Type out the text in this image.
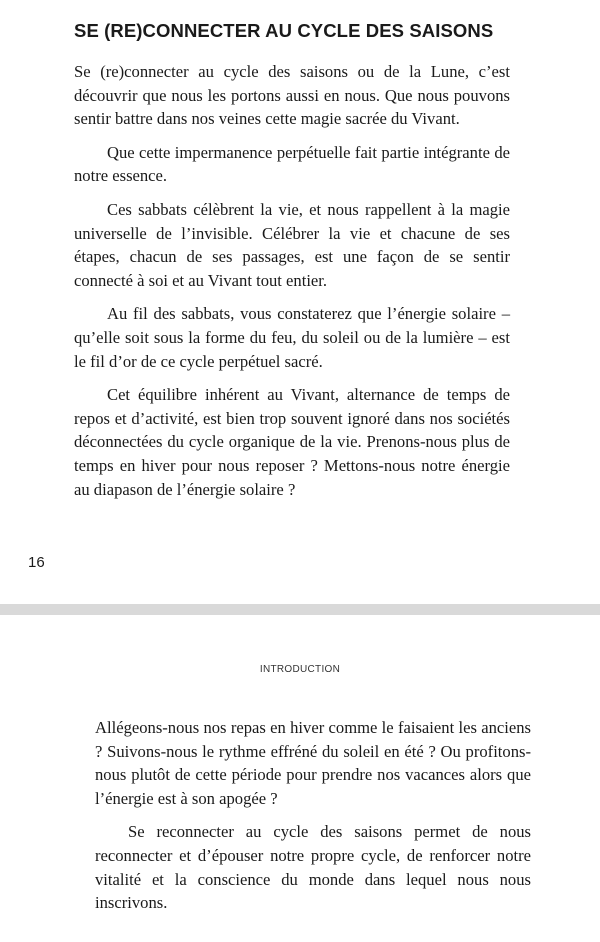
SE (RE)CONNECTER AU CYCLE DES SAISONS

Se (re)connecter au cycle des saisons ou de la Lune, c’est découvrir que nous les portons aussi en nous. Que nous pouvons sentir battre dans nos veines cette magie sacrée du Vivant.

Que cette impermanence perpétuelle fait partie intégrante de notre essence.

Ces sabbats célèbrent la vie, et nous rappellent à la magie universelle de l’invisible. Célébrer la vie et chacune de ses étapes, chacun de ses passages, est une façon de se sentir connecté à soi et au Vivant tout entier.

Au fil des sabbats, vous constaterez que l’énergie solaire – qu’elle soit sous la forme du feu, du soleil ou de la lumière – est le fil d’or de ce cycle perpétuel sacré.

Cet équilibre inhérent au Vivant, alternance de temps de repos et d’activité, est bien trop souvent ignoré dans nos sociétés déconnectées du cycle organique de la vie. Prenons-nous plus de temps en hiver pour nous reposer ? Mettons-nous notre énergie au diapason de l’énergie solaire ?

16
INTRODUCTION

Allégeons-nous nos repas en hiver comme le faisaient les anciens ? Suivons-nous le rythme effréné du soleil en été ? Ou profitons-nous plutôt de cette période pour prendre nos vacances alors que l’énergie est à son apogée ?

Se reconnecter au cycle des saisons permet de nous reconnecter et d’épouser notre propre cycle, de renforcer notre vitalité et la conscience du monde dans lequel nous nous inscrivons.
